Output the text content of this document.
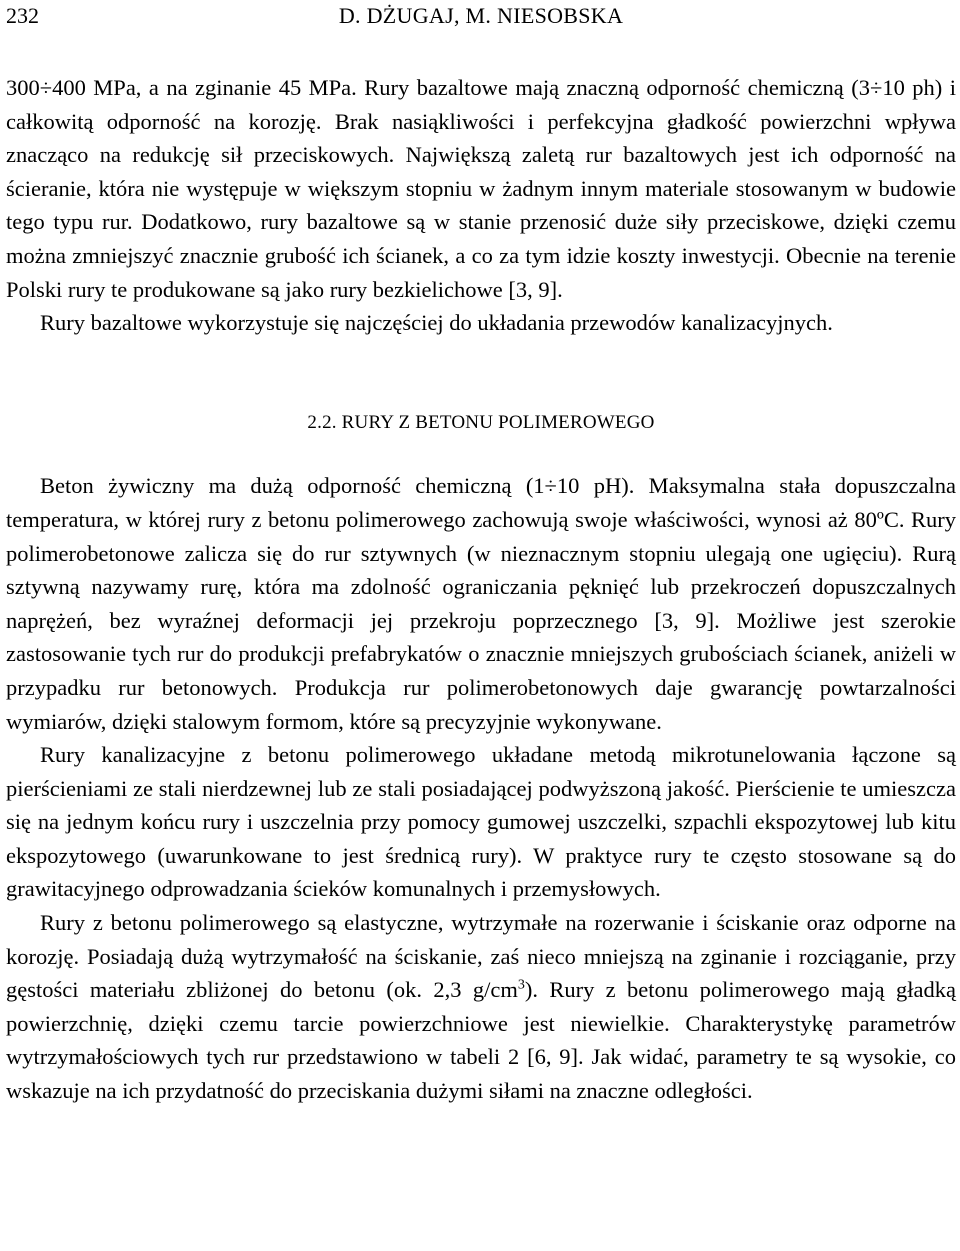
232	D. DŻUGAJ, M. NIESOBSKA

300÷400 MPa, a na zginanie 45 MPa. Rury bazaltowe mają znaczną odporność chemiczną (3÷10 ph) i całkowitą odporność na korozję. Brak nasiąkliwości i perfekcyjna gładkość powierzchni wpływa znacząco na redukcję sił przeciskowych. Największą zaletą rur bazaltowych jest ich odporność na ścieranie, która nie występuje w większym stopniu w żadnym innym materiale stosowanym w budowie tego typu rur. Dodatkowo, rury bazaltowe są w stanie przenosić duże siły przeciskowe, dzięki czemu można zmniejszyć znacznie grubość ich ścianek, a co za tym idzie koszty inwestycji. Obecnie na terenie Polski rury te produkowane są jako rury bezkielichowe [3, 9].

Rury bazaltowe wykorzystuje się najczęściej do układania przewodów kanalizacyjnych.

2.2. RURY Z BETONU POLIMEROWEGO

Beton żywiczny ma dużą odporność chemiczną (1÷10 pH). Maksymalna stała dopuszczalna temperatura, w której rury z betonu polimerowego zachowują swoje właściwości, wynosi aż 80ºC. Rury polimerobetonowe zalicza się do rur sztywnych (w nieznacznym stopniu ulegają one ugięciu). Rurą sztywną nazywamy rurę, która ma zdolność ograniczania pęknięć lub przekroczeń dopuszczalnych naprężeń, bez wyraźnej deformacji jej przekroju poprzecznego [3, 9]. Możliwe jest szerokie zastosowanie tych rur do produkcji prefabrykatów o znacznie mniejszych grubościach ścianek, aniżeli w przypadku rur betonowych. Produkcja rur polimerobetonowych daje gwarancję powtarzalności wymiarów, dzięki stalowym formom, które są precyzyjnie wykonywane.

Rury kanalizacyjne z betonu polimerowego układane metodą mikrotunelowania łączone są pierścieniami ze stali nierdzewnej lub ze stali posiadającej podwyższoną jakość. Pierścienie te umieszcza się na jednym końcu rury i uszczelnia przy pomocy gumowej uszczelki, szpachli ekspozytowej lub kitu ekspozytowego (uwarunkowane to jest średnicą rury). W praktyce rury te często stosowane są do grawitacyjnego odprowadzania ścieków komunalnych i przemysłowych.

Rury z betonu polimerowego są elastyczne, wytrzymałe na rozerwanie i ściskanie oraz odporne na korozję. Posiadają dużą wytrzymałość na ściskanie, zaś nieco mniejszą na zginanie i rozciąganie, przy gęstości materiału zbliżonej do betonu (ok. 2,3 $g/cm^3$). Rury z betonu polimerowego mają gładką powierzchnię, dzięki czemu tarcie powierzchniowe jest niewielkie. Charakterystykę parametrów wytrzymałościowych tych rur przedstawiono w tabeli 2 [6, 9]. Jak widać, parametry te są wysokie, co wskazuje na ich przydatność do przeciskania dużymi siłami na znaczne odległości.
